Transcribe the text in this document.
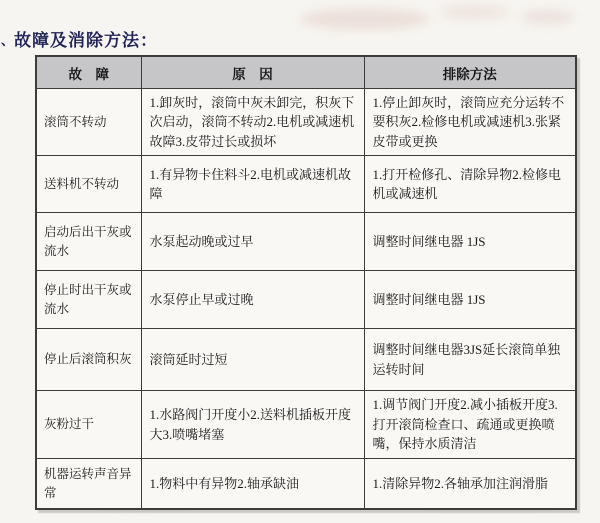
、 故障及消除方法：
故　障	原　因	排除方法
滚筒不转动	1.卸灰时，滚筒中灰未卸完，积灰下次启动，滚筒不转动2.电机或减速机故障3.皮带过长或损坏	1.停止卸灰时，滚筒应充分运转不要积灰2.检修电机或减速机3.张紧皮带或更换
送料机不转动	1.有异物卡住料斗2.电机或减速机故障	1.打开检修孔、清除异物2.检修电机或减速机
启动后出干灰或流水	水泵起动晚或过早	调整时间继电器 1JS
停止时出干灰或流水	水泵停止早或过晚	调整时间继电器 1JS
停止后滚筒积灰	滚筒延时过短	调整时间继电器3JS延长滚筒单独运转时间
灰粉过干	1.水路阀门开度小2.送料机插板开度大3.喷嘴堵塞	1.调节阀门开度2.减小插板开度3.打开滚筒检查口、疏通或更换喷嘴，保持水质清洁
机器运转声音异常	1.物料中有异物2.轴承缺油	1.清除异物2.各轴承加注润滑脂
